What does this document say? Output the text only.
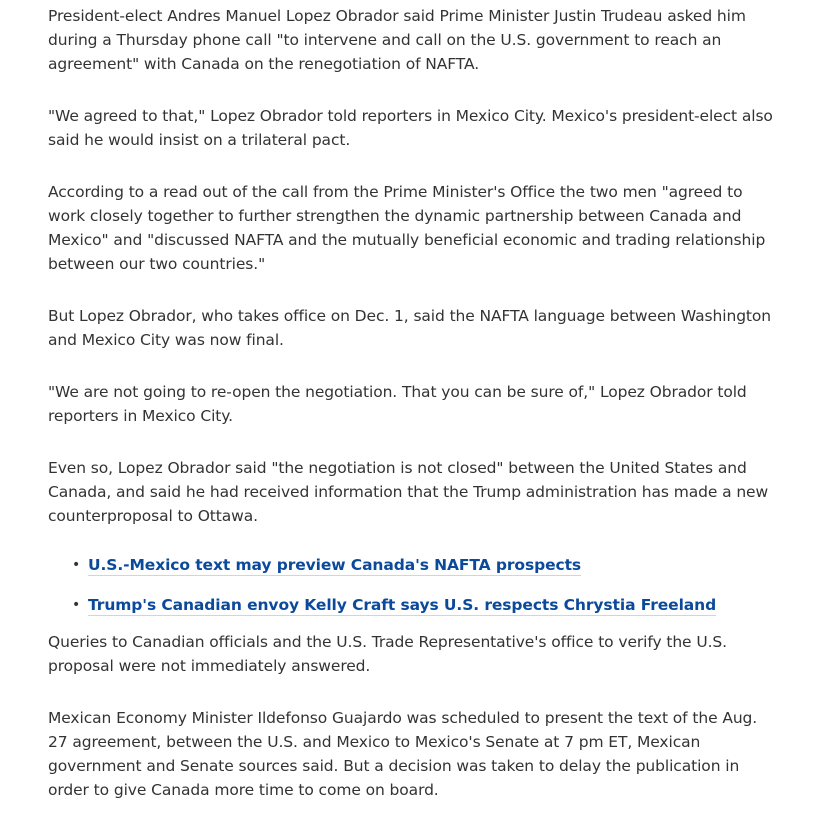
President-elect Andres Manuel Lopez Obrador said Prime Minister Justin Trudeau asked him during a Thursday phone call "to intervene and call on the U.S. government to reach an agreement" with Canada on the renegotiation of NAFTA.

"We agreed to that," Lopez Obrador told reporters in Mexico City. Mexico's president-elect also said he would insist on a trilateral pact.

According to a read out of the call from the Prime Minister's Office the two men "agreed to work closely together to further strengthen the dynamic partnership between Canada and Mexico" and "discussed NAFTA and the mutually beneficial economic and trading relationship between our two countries."

But Lopez Obrador, who takes office on Dec. 1, said the NAFTA language between Washington and Mexico City was now final.

"We are not going to re-open the negotiation. That you can be sure of," Lopez Obrador told reporters in Mexico City.

Even so, Lopez Obrador said "the negotiation is not closed" between the United States and Canada, and said he had received information that the Trump administration has made a new counterproposal to Ottawa.

• U.S.-Mexico text may preview Canada's NAFTA prospects
• Trump's Canadian envoy Kelly Craft says U.S. respects Chrystia Freeland

Queries to Canadian officials and the U.S. Trade Representative's office to verify the U.S. proposal were not immediately answered.

Mexican Economy Minister Ildefonso Guajardo was scheduled to present the text of the Aug. 27 agreement, between the U.S. and Mexico to Mexico's Senate at 7 pm ET, Mexican government and Senate sources said. But a decision was taken to delay the publication in order to give Canada more time to come on board.
